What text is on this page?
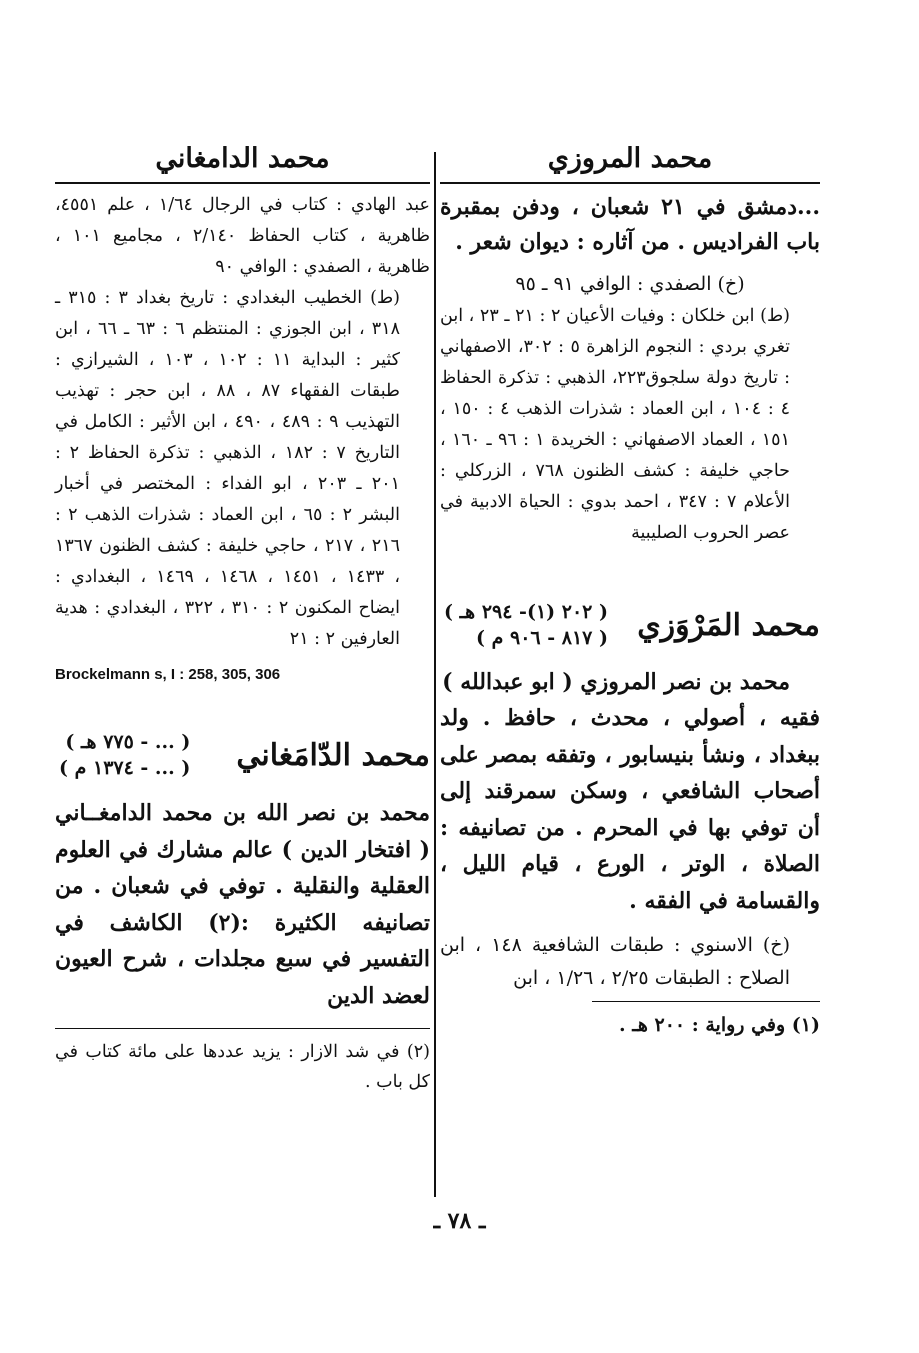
محمد المروزي

...دمشق في ٢١ شعبان ، ودفن بمقبرة باب الفراديس . من آثاره : ديوان شعر .

(خ) الصفدي : الوافي ٩١ ـ ٩٥

(ط) ابن خلكان : وفيات الأعيان ٢ : ٢١ ـ ٢٣ ، ابن تغري بردي : النجوم الزاهرة ٥ : ٣٠٢، الاصفهاني : تاريخ دولة سلجوق٢٢٣، الذهبي : تذكرة الحفاظ ٤ : ١٠٤ ، ابن العماد : شذرات الذهب ٤ : ١٥٠ ، ١٥١ ، العماد الاصفهاني : الخريدة ١ : ٩٦ ـ ١٦٠ ، حاجي خليفة : كشف الظنون ٧٦٨ ، الزركلي : الأعلام ٧ : ٣٤٧ ، احمد بدوي : الحياة الادبية في عصر الحروب الصليبية

محمد المَرْوَزي
( ٢٠٢ (١)- ٢٩٤ هـ )
( ٨١٧ - ٩٠٦ م )

محمد بن نصر المروزي ( ابو عبدالله )

فقيه ، أصولي ، محدث ، حافظ . ولد ببغداد ، ونشأ بنيسابور ، وتفقه بمصر على أصحاب الشافعي ، وسكن سمرقند إلى أن توفي بها في المحرم . من تصانيفه : الصلاة ، الوتر ، الورع ، قيام الليل ، والقسامة في الفقه .

(خ) الاسنوي : طبقات الشافعية ١٤٨ ، ابن الصلاح : الطبقات ٢/٢٥ ، ١/٢٦ ، ابن

(١) وفي رواية : ٢٠٠ هـ .

محمد الدامغاني

عبد الهادي : كتاب في الرجال ١/٦٤ ، علم ٤٥٥١، ظاهرية ، كتاب الحفاظ ٢/١٤٠ ، مجاميع ١٠١ ، ظاهرية ، الصفدي : الوافي ٩٠

(ط) الخطيب البغدادي : تاريخ بغداد ٣ : ٣١٥ ـ ٣١٨ ، ابن الجوزي : المنتظم ٦ : ٦٣ ـ ٦٦ ، ابن كثير : البداية ١١ : ١٠٢ ، ١٠٣ ، الشيرازي : طبقات الفقهاء ٨٧ ، ٨٨ ، ابن حجر : تهذيب التهذيب ٩ : ٤٨٩ ، ٤٩٠ ، ابن الأثير : الكامل في التاريخ ٧ : ١٨٢ ، الذهبي : تذكرة الحفاظ ٢ : ٢٠١ ـ ٢٠٣ ، ابو الفداء : المختصر في أخبار البشر ٢ : ٦٥ ، ابن العماد : شذرات الذهب ٢ : ٢١٦ ، ٢١٧ ، حاجي خليفة : كشف الظنون ١٣٦٧ ، ١٤٣٣ ، ١٤٥١ ، ١٤٦٨ ، ١٤٦٩ ، البغدادي : ايضاح المكنون ٢ : ٣١٠ ، ٣٢٢ ، البغدادي : هدية العارفين ٢ : ٢١

Brockelmann s, I : 258, 305, 306

محمد الدّامَغاني
( ... - ٧٧٥ هـ )
( ... - ١٣٧٤ م )

محمد بن نصر الله بن محمد الدامغــاني ( افتخار الدين ) عالم مشارك في العلوم العقلية والنقلية . توفي في شعبان . من تصانيفه الكثيرة :(٢) الكاشف في التفسير في سبع مجلدات ، شرح العيون لعضد الدين

(٢) في شد الازار : يزيد عددها على مائة كتاب في كل باب .

ـ ٧٨ ـ
